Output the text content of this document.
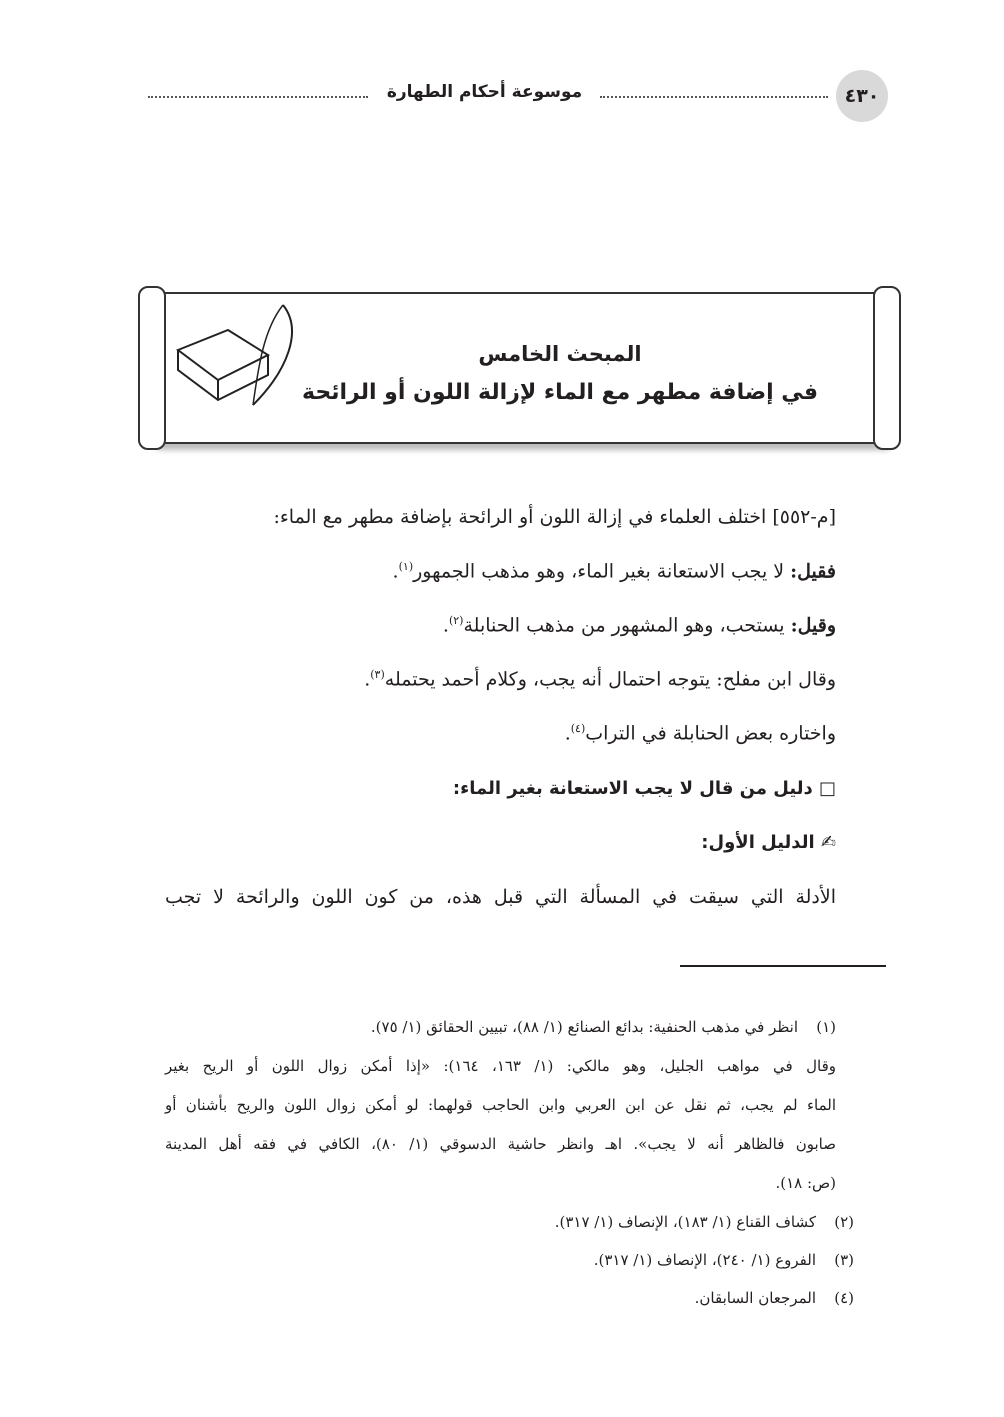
موسوعة أحكام الطهارة	٤٣٠
المبحث الخامس
في إضافة مطهر مع الماء لإزالة اللون أو الرائحة
[م-٥٥٢] اختلف العلماء في إزالة اللون أو الرائحة بإضافة مطهر مع الماء:
فقيل: لا يجب الاستعانة بغير الماء، وهو مذهب الجمهور$^{(١)}$.
وقيل: يستحب، وهو المشهور من مذهب الحنابلة$^{(٢)}$.
وقال ابن مفلح: يتوجه احتمال أنه يجب، وكلام أحمد يحتمله$^{(٣)}$.
واختاره بعض الحنابلة في التراب$^{(٤)}$.
□ دليل من قال لا يجب الاستعانة بغير الماء:
✍ الدليل الأول:
الأدلة التي سيقت في المسألة التي قبل هذه، من كون اللون والرائحة لا تجب
(١)انظر في مذهب الحنفية: بدائع الصنائع (١/ ٨٨)، تبيين الحقائق (١/ ٧٥).
وقال في مواهب الجليل، وهو مالكي: (١/ ١٦٣، ١٦٤): «إذا أمكن زوال اللون أو الريح بغير
الماء لم يجب، ثم نقل عن ابن العربي وابن الحاجب قولهما: لو أمكن زوال اللون والريح بأشنان أو
صابون فالظاهر أنه لا يجب». اهـ وانظر حاشية الدسوقي (١/ ٨٠)، الكافي في فقه أهل المدينة
(ص: ١٨).
(٢)كشاف القناع (١/ ١٨٣)، الإنصاف (١/ ٣١٧).
(٣)الفروع (١/ ٢٤٠)، الإنصاف (١/ ٣١٧).
(٤)المرجعان السابقان.
